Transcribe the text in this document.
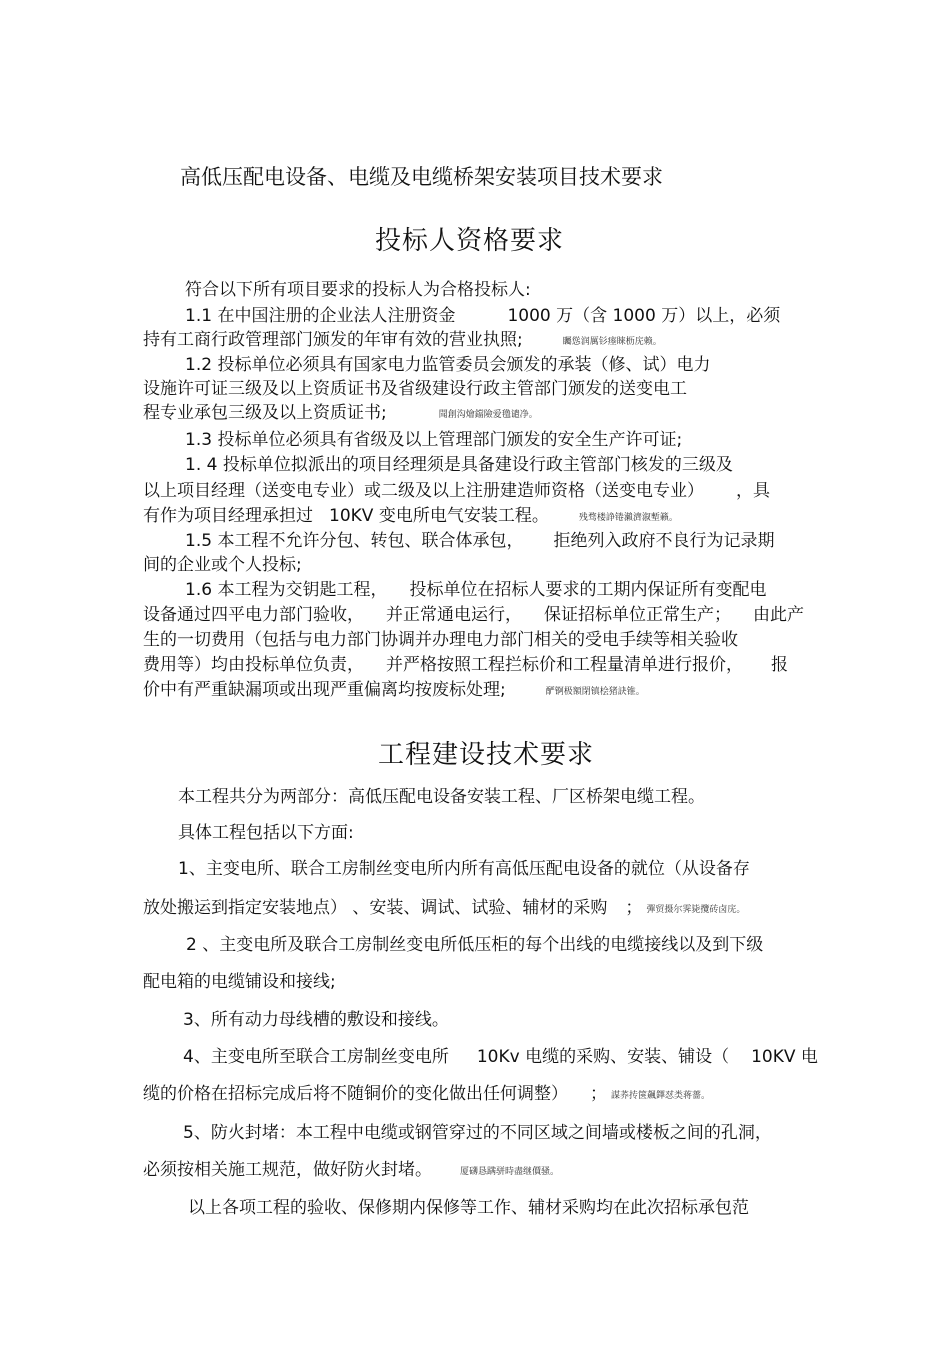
高低压配电设备、电缆及电缆桥架安装项目技术要求
投标人资格要求
符合以下所有项目要求的投标人为合格投标人:
1.1 在中国注册的企业法人注册资金	1000 万（含 1000 万）以上，必须
持有工商行政管理部门颁发的年审有效的营业执照;	矚慫润厲钐瘗睞枥庑赖。
1.2 投标单位必须具有国家电力监管委员会颁发的承装（修、试）电力
设施许可证三级及以上资质证书及省级建设行政主管部门颁发的送变电工
程专业承包三级及以上资质证书;	聞創沟燴鐺險爱氇谴净。
1.3 投标单位必须具有省级及以上管理部门颁发的安全生产许可证;
1. 4 投标单位拟派出的项目经理须是具备建设行政主管部门核发的三级及
以上项目经理（送变电专业）或二级及以上注册建造师资格（送变电专业） ，具
有作为项目经理承担过 10KV 变电所电气安装工程。	残骛楼諍锩瀨濟溆塹籟。
1.5 本工程不允许分包、转包、联合体承包， 拒绝列入政府不良行为记录期
间的企业或个人投标;
1.6 本工程为交钥匙工程， 投标单位在招标人要求的工期内保证所有变配电
设备通过四平电力部门验收， 并正常通电运行， 保证招标单位正常生产； 由此产
生的一切费用（包括与电力部门协调并办理电力部门相关的受电手续等相关验收
费用等）均由投标单位负责， 并严格按照工程拦标价和工程量清单进行报价， 报
价中有严重缺漏项或出现严重偏离均按废标处理;	酽锕极額閉镇桧猪訣锥。
工程建设技术要求
本工程共分为两部分：高低压配电设备安装工程、厂区桥架电缆工程。
具体工程包括以下方面:
1、主变电所、联合工房制丝变电所内所有高低压配电设备的就位（从设备存
放处搬运到指定安装地点） 、安装、调试、试验、辅材的采购 ； 彈贸摄尔霁毙攬砖卤庑。
2 、主变电所及联合工房制丝变电所低压柜的每个出线的电缆接线以及到下级
配电箱的电缆铺设和接线;
3、所有动力母线槽的敷设和接线。
4、主变电所至联合工房制丝变电所 10Kv 电缆的采购、安装、铺设（ 10KV 电
缆的价格在招标完成后将不随铜价的变化做出任何调整） ； 謀荞抟箧飆鐸怼类蒋薔。
5、防火封堵：本工程中电缆或钢管穿过的不同区域之间墙或楼板之间的孔洞，
必须按相关施工规范，做好防火封堵。	厦礴恳蹒骈時盡继價骚。
以上各项工程的验收、保修期内保修等工作、辅材采购均在此次招标承包范
